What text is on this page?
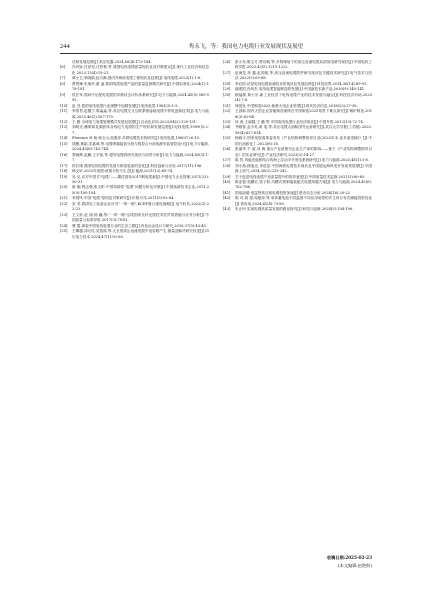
244	隽永飞，等：我国电力电缆行业发展现状及展望

状和发展趋势[J].高压电器,2024,60(4):173-184.

[6] 冯玲娇,吕爱莹,庄哲彬,等.我国电线电缆质量现状及其对策建议[J].现代工业经济和信息化,2023,13(4):19-21.

[7] 黄小卫,李晓娟,赵巧满.国内外海底电缆工程现状及趋势[J].电线电缆,2023(1):1-6.

[8] 贾赞峰,朱瑞华,谢 凌.我国线缆电缆产品的质量监督模式研究[J].中国标准化,2024(1):178-181.

[9] 侯宏军.面向中压配电电缆的多维状态评价体系研究[J].电力与能源,2024,45(5):589-593.

[10] 赵 莹.我国电线电缆行业调整中加剧发展[J].电线电缆,1981(3):1-5.

[11] 李善君,赵馨宁,陈淼淼,等.高压电缆交叉互联系统接地电缆不停电更换技术[J].电力与能源,2025,46(2):167-170.

[12] 王 勤.全球电力电缆管理模式发展及展望[J].自动化应用,2023,64(2):129-131.

[13] 刘明光.横掌和及频获体各线电力电缆的生产现状和发展趋势[J].电线电缆,1999(5):2-7.

[14] Florence H 杨,杨玉山,周燕萍.苏联电缆技术的研究[J].电线电缆,1980(1):6-10.

[15] 钱聚,林斌,宋嘉诚,等.电缆焊端接管分段与数控合分前电测安装管控设计[J].电力与能源,2024,45(6):743-744.

[16] 蔡晓辉,赵鹏,王平茹,等.超导电缆的研究现状与前景分析[J].电力与能源,2024,45(3):1-7.

[17] 侯长城.我国电线电缆的发展与制造装备的变化[J].科技创新与应用,2017(11):196.

[18] 韩文轩.2023年电缆:政策分析与生态[J].能源,2021(12):49-74.

[19] 吴 克.应对中国式"电缆"——期性看待2011钢电缆新[J].中国电力企业管理,2011(23):30-31.

[20] 薛 刚,程志强,张文彬.中国持续性"电缆"问题分析及对策[J].中国高新技术企业,2011,25(9):100-104.

[21] 李国风.中国"电缆"原因及对策研究[J].价格月刊,2011(9):82-84.

[22] 宋 英.我国电工装备企业应对"一带一路",KCEP窗口建设战略[J].电气时代,2022(3):22-23.

[23] 王文轩,赵 丽,杨 巍,等."一带一路"沿线国家光纤光缆技术性贸易措施与应对分析[J].中国质量与标准导报,2017(3):78-81.

[24] 曹 霞.探索中国电线电缆行业的生存之路[J].有色冶金设计与研究,2016,37(5):43-45.

[25] 王攀越,刘巧柱,吴智鸿,等.大长度高压直流电缆中电容附产生,测量及解决研究综述[J].四川电力技术,2024,47(1):50-58.

[26] 彭小东,陈玉方,贾诗敏,等.多物理场下的高压直流电缆局部放电研究现状[J].中国电机工程学报,2023,43(5):1210-1222.

[27] 赵海龙,李 鑫,赵英舰,等.高压直流电缆附件研究现状及关键技术研究[J].电气技术与经济,2022(5):65-68.

[28] 李启国.试论电线电缆检测技术的现状及发展趋势[J].科技视界,2014,36(14):89-91.

[29] 谢建国,肖尚杰.电线电缆智能制造的发展[J].中国新技术新产品,2020(9):140-141.

[30] 顾福源,黄小芳.新工业经济下电线电缆产业的技术发展与融合[J].科技经济市场,2020(4):7-8.

[31] 徐国良.中国制造2025:助推火电企业转型[J].现代经济信息,2018(23):37-38.

[32] 王剑新.国内大型企业智能制造案例在中国制造2025背景下难点探究[J].锅炉制造,2018(3):62-64.

[33] 何 涛,王淑娟,王 鹏,等.中国电线电缆行业经济现状[J].中国外资,2013(13):72-74.

[34] 齐晓智,孟小英,黄 斐,等.高压电缆大面积国外运营研究[J].武汉大学学报(工学版),2025,58(4):627-634.

[35] 杨晓宇.国家发展改革委发布《产业结构调整指导目录(2023年本,征求意见稿)》[J].中国石油和化工,2023(8):18.

[36] 张丽华,于 斌,刘 海.重点产业政策对企业生产率的影响——基于《产业结构调整指导目录》的实证研究[J].产业经济研究,2023(2):14-27.

[37] 陈 哲.风能充能相结合的海上浮动平台发电系统研究[J].电力与能源,2025,46(1):1-6.

[38] 刘小燕,顾旭光,李延富.中国海底电缆技术现状及中国展运海风电开发前景展望[J].中国海上油气,2024,36(2):233-242.

[39] 关于促进电线电缆产品质量提升的指导意见[J].中国质量技术监督,2021(3):80-85.

[40] 陈业强,郭鹏宏,张子桥.沟槽式预制接装配式电缆终端方案[J].电力与能源,2024,45(6):762-766.

[41] 国电南瑞:受益特高压和电网投资加速[J].股市动态分析,2024(16):20-22.

[42] 陈 可,周 超,周艳萍,等.单体蓄电池不同温度不同应用场景的多主体分布式储能投资优化[J].供用电,2024,41(4):73-80.

[43] 朱正珂.实现电网高质量发展的路径探究[J].科技与创新,2024(5):194-196.

收稿日期:2025-02-23
(本文编辑:赵艳粉)
